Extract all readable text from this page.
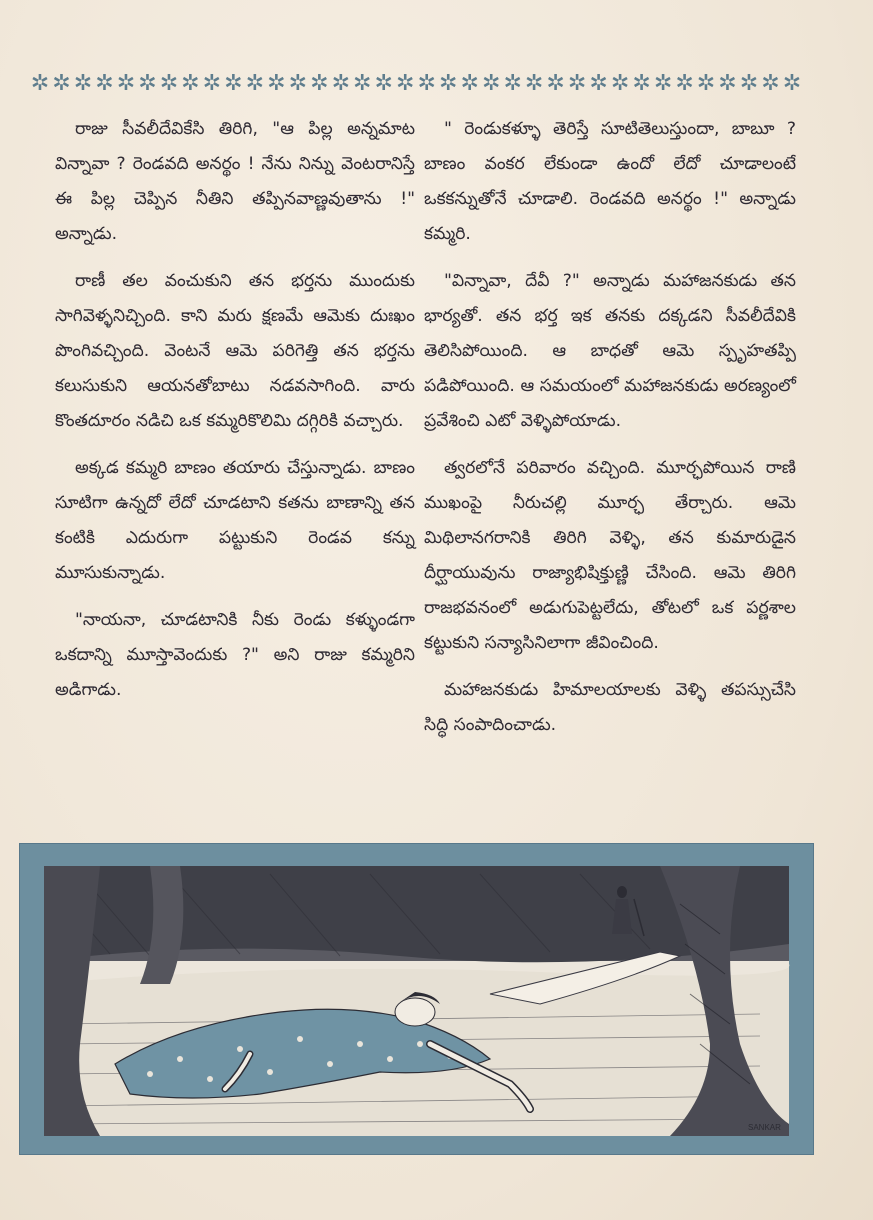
✲ ✲ ✲ ✲ ✲ ✲ ✲ ✲ ✲ ✲ ✲ ✲ ✲ ✲ ✲ ✲ ✲ ✲ ✲ ✲ ✲ ✲ ✲ ✲ ✲ ✲ ✲ ✲ ✲ ✲ ✲ ✲ ✲ ✲ ✲ ✲

రాజు సీవలీదేవికేసి తిరిగి, "ఆ పిల్ల అన్నమాట విన్నావా ? రెండవది అనర్థం ! నేను నిన్ను వెంటరానిస్తే ఈ పిల్ల చెప్పిన నీతిని తప్పినవాణ్ణవుతాను !" అన్నాడు.

రాణీ తల వంచుకుని తన భర్తను ముందుకు సాగివెళ్ళనిచ్చింది. కాని మరు క్షణమే ఆమెకు దుఃఖం పొంగివచ్చింది. వెంటనే ఆమె పరిగెత్తి తన భర్తను కలుసుకుని ఆయనతోబాటు నడవసాగింది. వారు కొంతదూరం నడిచి ఒక కమ్మరికొలిమి దగ్గిరికి వచ్చారు.

అక్కడ కమ్మరి బాణం తయారు చేస్తున్నాడు. బాణం సూటిగా ఉన్నదో లేదో చూడటాని కతను బాణాన్ని తన కంటికి ఎదురుగా పట్టుకుని రెండవ కన్ను మూసుకున్నాడు.

"నాయనా, చూడటానికి నీకు రెండు కళ్ళుండగా ఒకదాన్ని మూస్తావెందుకు ?" అని రాజు కమ్మరిని అడిగాడు.

" రెండుకళ్ళూ తెరిస్తే సూటితెలుస్తుందా, బాబూ ? బాణం వంకర లేకుండా ఉందో లేదో చూడాలంటే ఒకకన్నుతోనే చూడాలి. రెండవది అనర్థం !" అన్నాడు కమ్మరి.

"విన్నావా, దేవీ ?" అన్నాడు మహాజనకుడు తన భార్యతో. తన భర్త ఇక తనకు దక్కడని సీవలీదేవికి తెలిసిపోయింది. ఆ బాధతో ఆమె స్పృహతప్పి పడిపోయింది. ఆ సమయంలో మహాజనకుడు అరణ్యంలో ప్రవేశించి ఎటో వెళ్ళిపోయాడు.

త్వరలోనే పరివారం వచ్చింది. మూర్ఛపోయిన రాణి ముఖంపై నీరుచల్లి మూర్ఛ తేర్చారు. ఆమె మిథిలానగరానికి తిరిగి వెళ్ళి, తన కుమారుడైన దీర్ఘాయువును రాజ్యాభిషిక్తుణ్ణి చేసింది. ఆమె తిరిగి రాజభవనంలో అడుగుపెట్టలేదు, తోటలో ఒక పర్ణశాల కట్టుకుని సన్యాసినిలాగా జీవించింది.

మహాజనకుడు హిమాలయాలకు వెళ్ళి తపస్సుచేసి సిద్ధి సంపాదించాడు.

SANKAR
